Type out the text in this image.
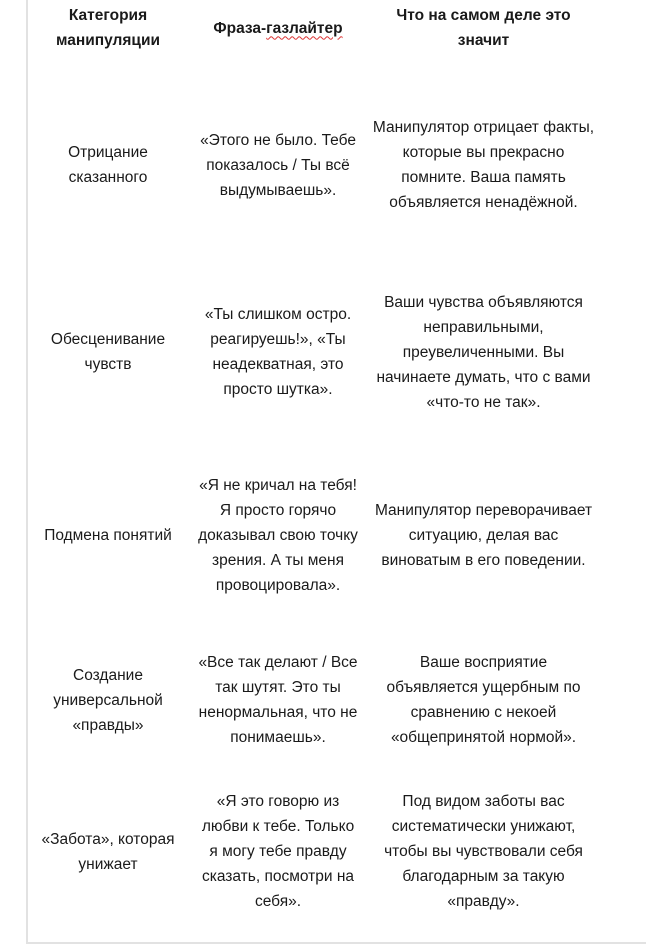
Категория манипуляции	Фраза-газлайтер	Что на самом деле это значит
Отрицание сказанного	«Этого не было. Тебе показалось / Ты всё выдумываешь».	Манипулятор отрицает факты, которые вы прекрасно помните. Ваша память объявляется ненадёжной.
Обесценивание чувств	«Ты слишком остро. реагируешь!», «Ты неадекватная, это просто шутка».	Ваши чувства объявляются неправильными, преувеличенными. Вы начинаете думать, что с вами «что-то не так».
Подмена понятий	«Я не кричал на тебя! Я просто горячо доказывал свою точку зрения. А ты меня провоцировала».	Манипулятор переворачивает ситуацию, делая вас виноватым в его поведении.
Создание универсальной «правды»	«Все так делают / Все так шутят. Это ты ненормальная, что не понимаешь».	Ваше восприятие объявляется ущербным по сравнению с некоей «общепринятой нормой».
«Забота», которая унижает	«Я это говорю из любви к тебе. Только я могу тебе правду сказать, посмотри на себя».	Под видом заботы вас систематически унижают, чтобы вы чувствовали себя благодарным за такую «правду».
